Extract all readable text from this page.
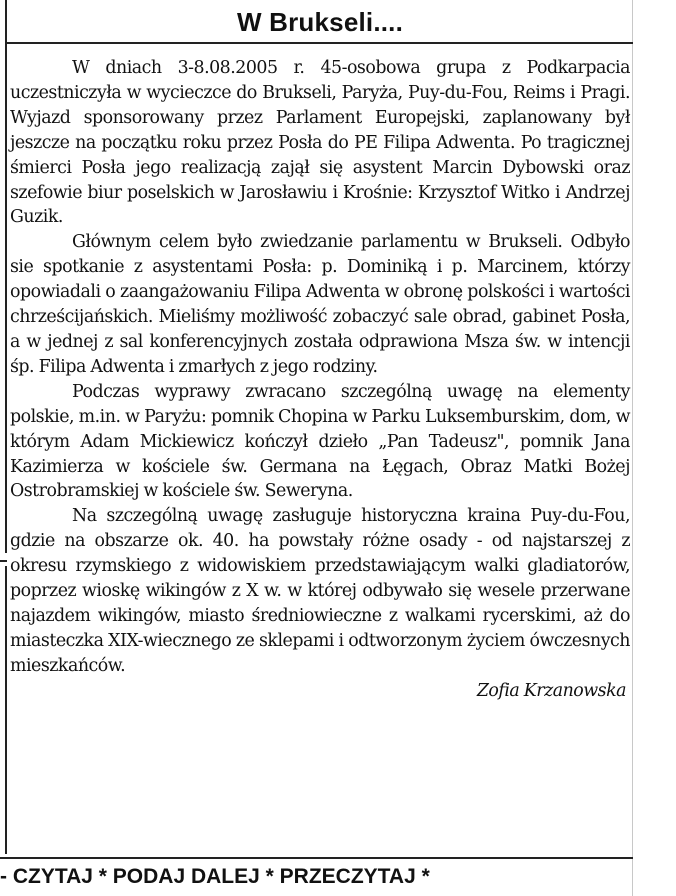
W Brukseli....

W dniach 3-8.08.2005 r. 45-osobowa grupa z Podkarpacia uczestniczyła w wycieczce do Brukseli, Paryża, Puy-du-Fou, Reims i Pragi. Wyjazd sponsorowany przez Parlament Europejski, zaplanowany był jeszcze na początku roku przez Posła do PE Filipa Adwenta. Po tragicznej śmierci Posła jego realizacją zajął się asystent Marcin Dybowski oraz szefowie biur poselskich w Jarosławiu i Krośnie: Krzysztof Witko i Andrzej Guzik.

Głównym celem było zwiedzanie parlamentu w Brukseli. Odbyło sie spotkanie z asystentami Posła: p. Dominiką i p. Marcinem, którzy opowiadali o zaangażowaniu Filipa Adwenta w obronę polskości i wartości chrześcijańskich. Mieliśmy możliwość zobaczyć sale obrad, gabinet Posła, a w jednej z sal konferencyjnych została odprawiona Msza św. w intencji śp. Filipa Adwenta i zmarłych z jego rodziny.

Podczas wyprawy zwracano szczególną uwagę na elementy polskie, m.in. w Paryżu: pomnik Chopina w Parku Luksemburskim, dom, w którym Adam Mickiewicz kończył dzieło „Pan Tadeusz", pomnik Jana Kazimierza w kościele św. Germana na Łęgach, Obraz Matki Bożej Ostrobramskiej w kościele św. Seweryna.

Na szczególną uwagę zasługuje historyczna kraina Puy-du-Fou, gdzie na obszarze ok. 40. ha powstały różne osady - od najstarszej z okresu rzymskiego z widowiskiem przedstawiającym walki gladiatorów, poprzez wioskę wikingów z X w. w której odbywało się wesele przerwane najazdem wikingów, miasto średniowieczne z walkami rycerskimi, aż do miasteczka XIX-wiecznego ze sklepami i odtworzonym życiem ówczesnych mieszkańców.

Zofia Krzanowska
- CZYTAJ * PODAJ DALEJ * PRZECZYTAJ *
